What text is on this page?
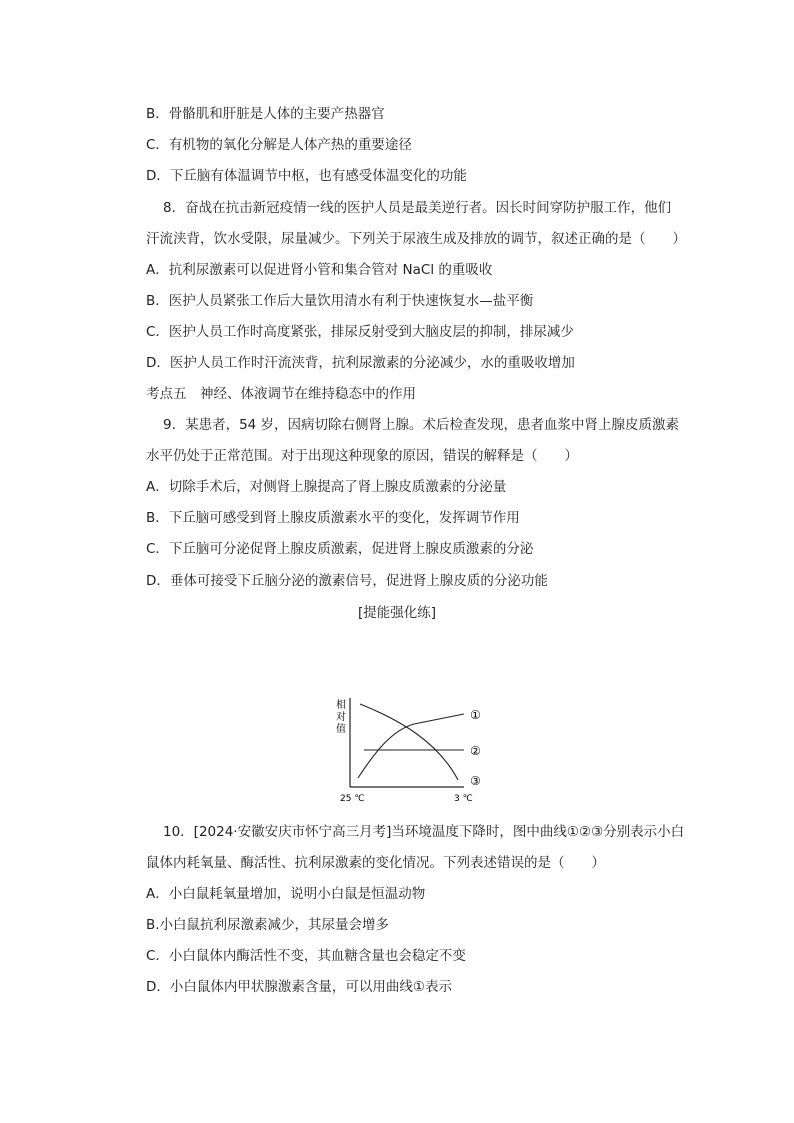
B．骨骼肌和肝脏是人体的主要产热器官
C．有机物的氧化分解是人体产热的重要途径
D．下丘脑有体温调节中枢，也有感受体温变化的功能
8．奋战在抗击新冠疫情一线的医护人员是最美逆行者。因长时间穿防护服工作，他们
汗流浃背，饮水受限，尿量减少。下列关于尿液生成及排放的调节，叙述正确的是（　　）
A．抗利尿激素可以促进肾小管和集合管对 NaCl 的重吸收
B．医护人员紧张工作后大量饮用清水有利于快速恢复水—盐平衡
C．医护人员工作时高度紧张，排尿反射受到大脑皮层的抑制，排尿减少
D．医护人员工作时汗流浃背，抗利尿激素的分泌减少，水的重吸收增加
考点五　神经、体液调节在维持稳态中的作用
9．某患者，54 岁，因病切除右侧肾上腺。术后检查发现，患者血浆中肾上腺皮质激素
水平仍处于正常范围。对于出现这种现象的原因，错误的解释是（　　）
A．切除手术后，对侧肾上腺提高了肾上腺皮质激素的分泌量
B．下丘脑可感受到肾上腺皮质激素水平的变化，发挥调节作用
C．下丘脑可分泌促肾上腺皮质激素，促进肾上腺皮质激素的分泌
D．垂体可接受下丘脑分泌的激素信号，促进肾上腺皮质的分泌功能
[提能强化练]
相
对
值
25 ℃	3 ℃
①
②
③
10．[2024·安徽安庆市怀宁高三月考]当环境温度下降时，图中曲线①②③分别表示小白
鼠体内耗氧量、酶活性、抗利尿激素的变化情况。下列表述错误的是（　　）
A．小白鼠耗氧量增加，说明小白鼠是恒温动物
B.小白鼠抗利尿激素减少，其尿量会增多
C．小白鼠体内酶活性不变，其血糖含量也会稳定不变
D．小白鼠体内甲状腺激素含量，可以用曲线①表示
